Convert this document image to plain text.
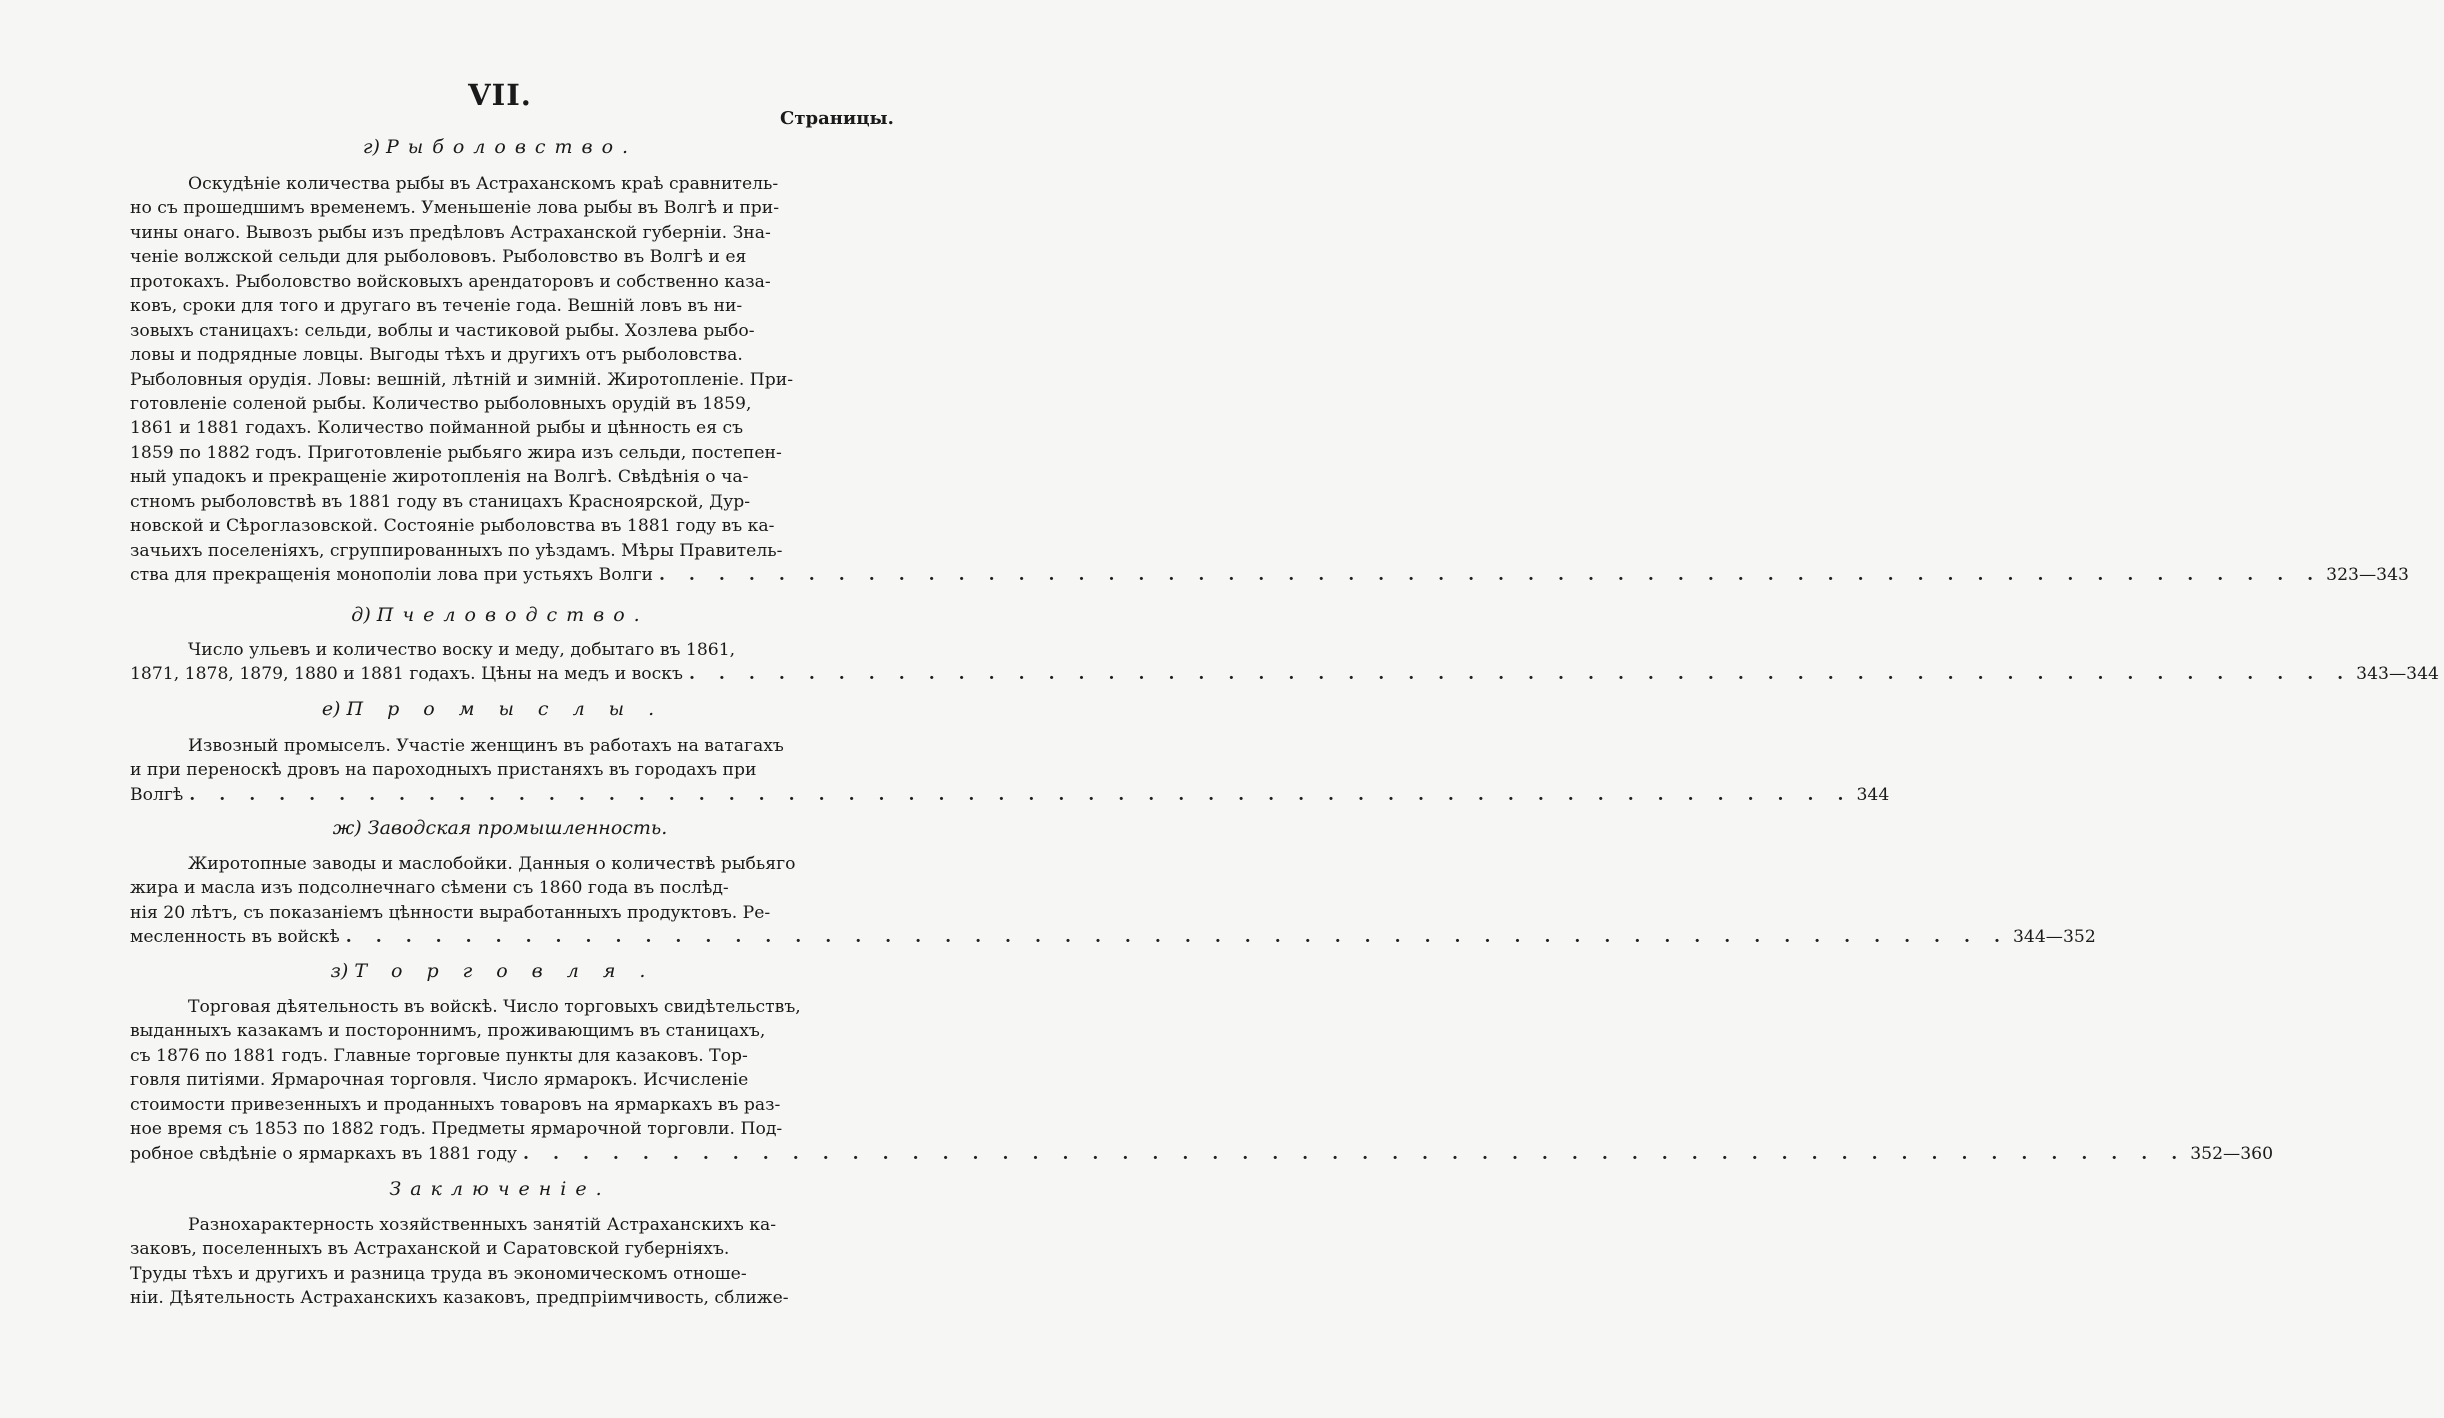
VII.
Страницы.
г) Рыболовство.
Оскудѣніе количества рыбы въ Астраханскомъ краѣ сравнитель-
но съ прошедшимъ временемъ. Уменьшеніе лова рыбы въ Волгѣ и при-
чины онаго. Вывозъ рыбы изъ предѣловъ Астраханской губерніи. Зна-
ченіе волжской сельди для рыболововъ. Рыболовство въ Волгѣ и ея
протокахъ. Рыболовство войсковыхъ арендаторовъ и собственно каза-
ковъ, сроки для того и другаго въ теченіе года. Вешній ловъ въ ни-
зовыхъ станицахъ: сельди, воблы и частиковой рыбы. Хозлева рыбо-
ловы и подрядные ловцы. Выгоды тѣхъ и другихъ отъ рыболовства.
Рыболовныя орудія. Ловы: вешній, лѣтній и зимній. Жиротопленіе. При-
готовленіе соленой рыбы. Количество рыболовныхъ орудій въ 1859,
1861 и 1881 годахъ. Количество пойманной рыбы и цѣнность ея съ
1859 по 1882 годъ. Приготовленіе рыбьяго жира изъ сельди, постепен-
ный упадокъ и прекращеніе жиротопленія на Волгѣ. Свѣдѣнія о ча-
стномъ рыболовствѣ въ 1881 году въ станицахъ Красноярской, Дур-
новской и Сѣроглазовской. Состояніе рыболовства въ 1881 году въ ка-
зачьихъ поселеніяхъ, сгруппированныхъ по уѣздамъ. Мѣры Правитель-
ства для прекращенія монополіи лова при устьяхъ Волги . . . . . . . . . . . . . . . . . . . . . . . . . . . . . . . . . . . . . . . . . . . . . . . . . . . . . . . . 323—343
д) Пчеловодство.
Число ульевъ и количество воску и меду, добытаго въ 1861,
1871, 1878, 1879, 1880 и 1881 годахъ. Цѣны на медъ и воскъ . . . . . . . . . . . . . . . . . . . . . . . . . . . . . . . . . . . . . . . . . . . . . . . . . . . . . . . . 343—344
е) Промыслы.
Извозный промыселъ. Участіе женщинъ въ работахъ на ватагахъ
и при переноскѣ дровъ на пароходныхъ пристаняхъ въ городахъ при
Волгѣ . . . . . . . . . . . . . . . . . . . . . . . . . . . . . . . . . . . . . . . . . . . . . . . . . . . . . . . . 344
ж) Заводская промышленность.
Жиротопные заводы и маслобойки. Данныя о количествѣ рыбьяго
жира и масла изъ подсолнечнаго сѣмени съ 1860 года въ послѣд-
нія 20 лѣтъ, съ показаніемъ цѣнности выработанныхъ продуктовъ. Ре-
месленность въ войскѣ . . . . . . . . . . . . . . . . . . . . . . . . . . . . . . . . . . . . . . . . . . . . . . . . . . . . . . . . 344—352
з) Торговля.
Торговая дѣятельность въ войскѣ. Число торговыхъ свидѣтельствъ,
выданныхъ казакамъ и постороннимъ, проживающимъ въ станицахъ,
съ 1876 по 1881 годъ. Главные торговые пункты для казаковъ. Тор-
говля питіями. Ярмарочная торговля. Число ярмарокъ. Исчисленіе
стоимости привезенныхъ и проданныхъ товаровъ на ярмаркахъ въ раз-
ное время съ 1853 по 1882 годъ. Предметы ярмарочной торговли. Под-
робное свѣдѣніе о ярмаркахъ въ 1881 году . . . . . . . . . . . . . . . . . . . . . . . . . . . . . . . . . . . . . . . . . . . . . . . . . . . . . . . . 352—360
Заключеніе.
Разнохарактерность хозяйственныхъ занятій Астраханскихъ ка-
заковъ, поселенныхъ въ Астраханской и Саратовской губерніяхъ.
Труды тѣхъ и другихъ и разница труда въ экономическомъ отноше-
ніи. Дѣятельность Астраханскихъ казаковъ, предпріимчивость, сближе-
